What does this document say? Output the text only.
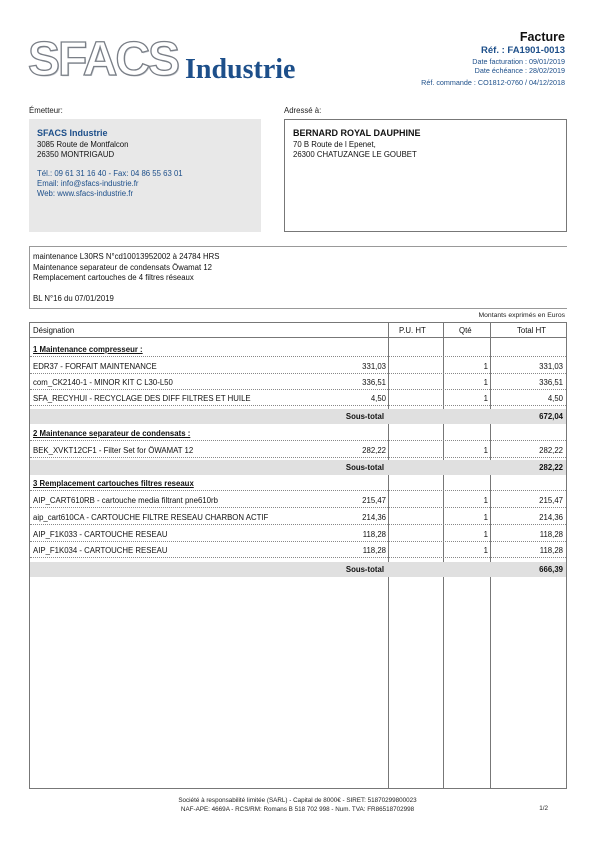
SFACS Industrie
Facture
Réf. : FA1901-0013
Date facturation : 09/01/2019
Date échéance : 28/02/2019
Réf. commande : CO1812-0760 / 04/12/2018
Émetteur:	Adressé à:
SFACS Industrie
3085 Route de Montfalcon
26350 MONTRIGAUD
Tél.: 09 61 31 16 40 - Fax: 04 86 55 63 01
Email: info@sfacs-industrie.fr
Web: www.sfacs-industrie.fr
BERNARD ROYAL DAUPHINE
70 B Route de l Epenet,
26300 CHATUZANGE LE GOUBET
maintenance L30RS N°cd10013952002 à 24784 HRS
Maintenance separateur de condensats Öwamat 12
Remplacement cartouches de 4 filtres réseaux
BL N°16 du 07/01/2019
Montants exprimés en Euros
Désignation	P.U. HT	Qté	Total HT
1 Maintenance compresseur :
EDR37 - FORFAIT MAINTENANCE	331,03	1	331,03
com_CK2140-1 - MINOR KIT C L30-L50	336,51	1	336,51
SFA_RECYHUI - RECYCLAGE DES DIFF FILTRES ET HUILE	4,50	1	4,50
Sous-total	672,04
2 Maintenance separateur de condensats :
BEK_XVKT12CF1 - Filter Set for ÖWAMAT 12	282,22	1	282,22
Sous-total	282,22
3 Remplacement cartouches filtres reseaux
AIP_CART610RB - cartouche media filtrant pne610rb	215,47	1	215,47
aip_cart610CA - CARTOUCHE FILTRE RESEAU CHARBON ACTIF	214,36	1	214,36
AIP_F1K033 - CARTOUCHE RESEAU	118,28	1	118,28
AIP_F1K034 - CARTOUCHE RESEAU	118,28	1	118,28
Sous-total	666,39
Société à responsabilité limitée (SARL) - Capital de 8000€ - SIRET: 51870299800023
NAF-APE: 4669A - RCS/RM: Romans B 518 702 998 - Num. TVA: FR86518702998	1/2
